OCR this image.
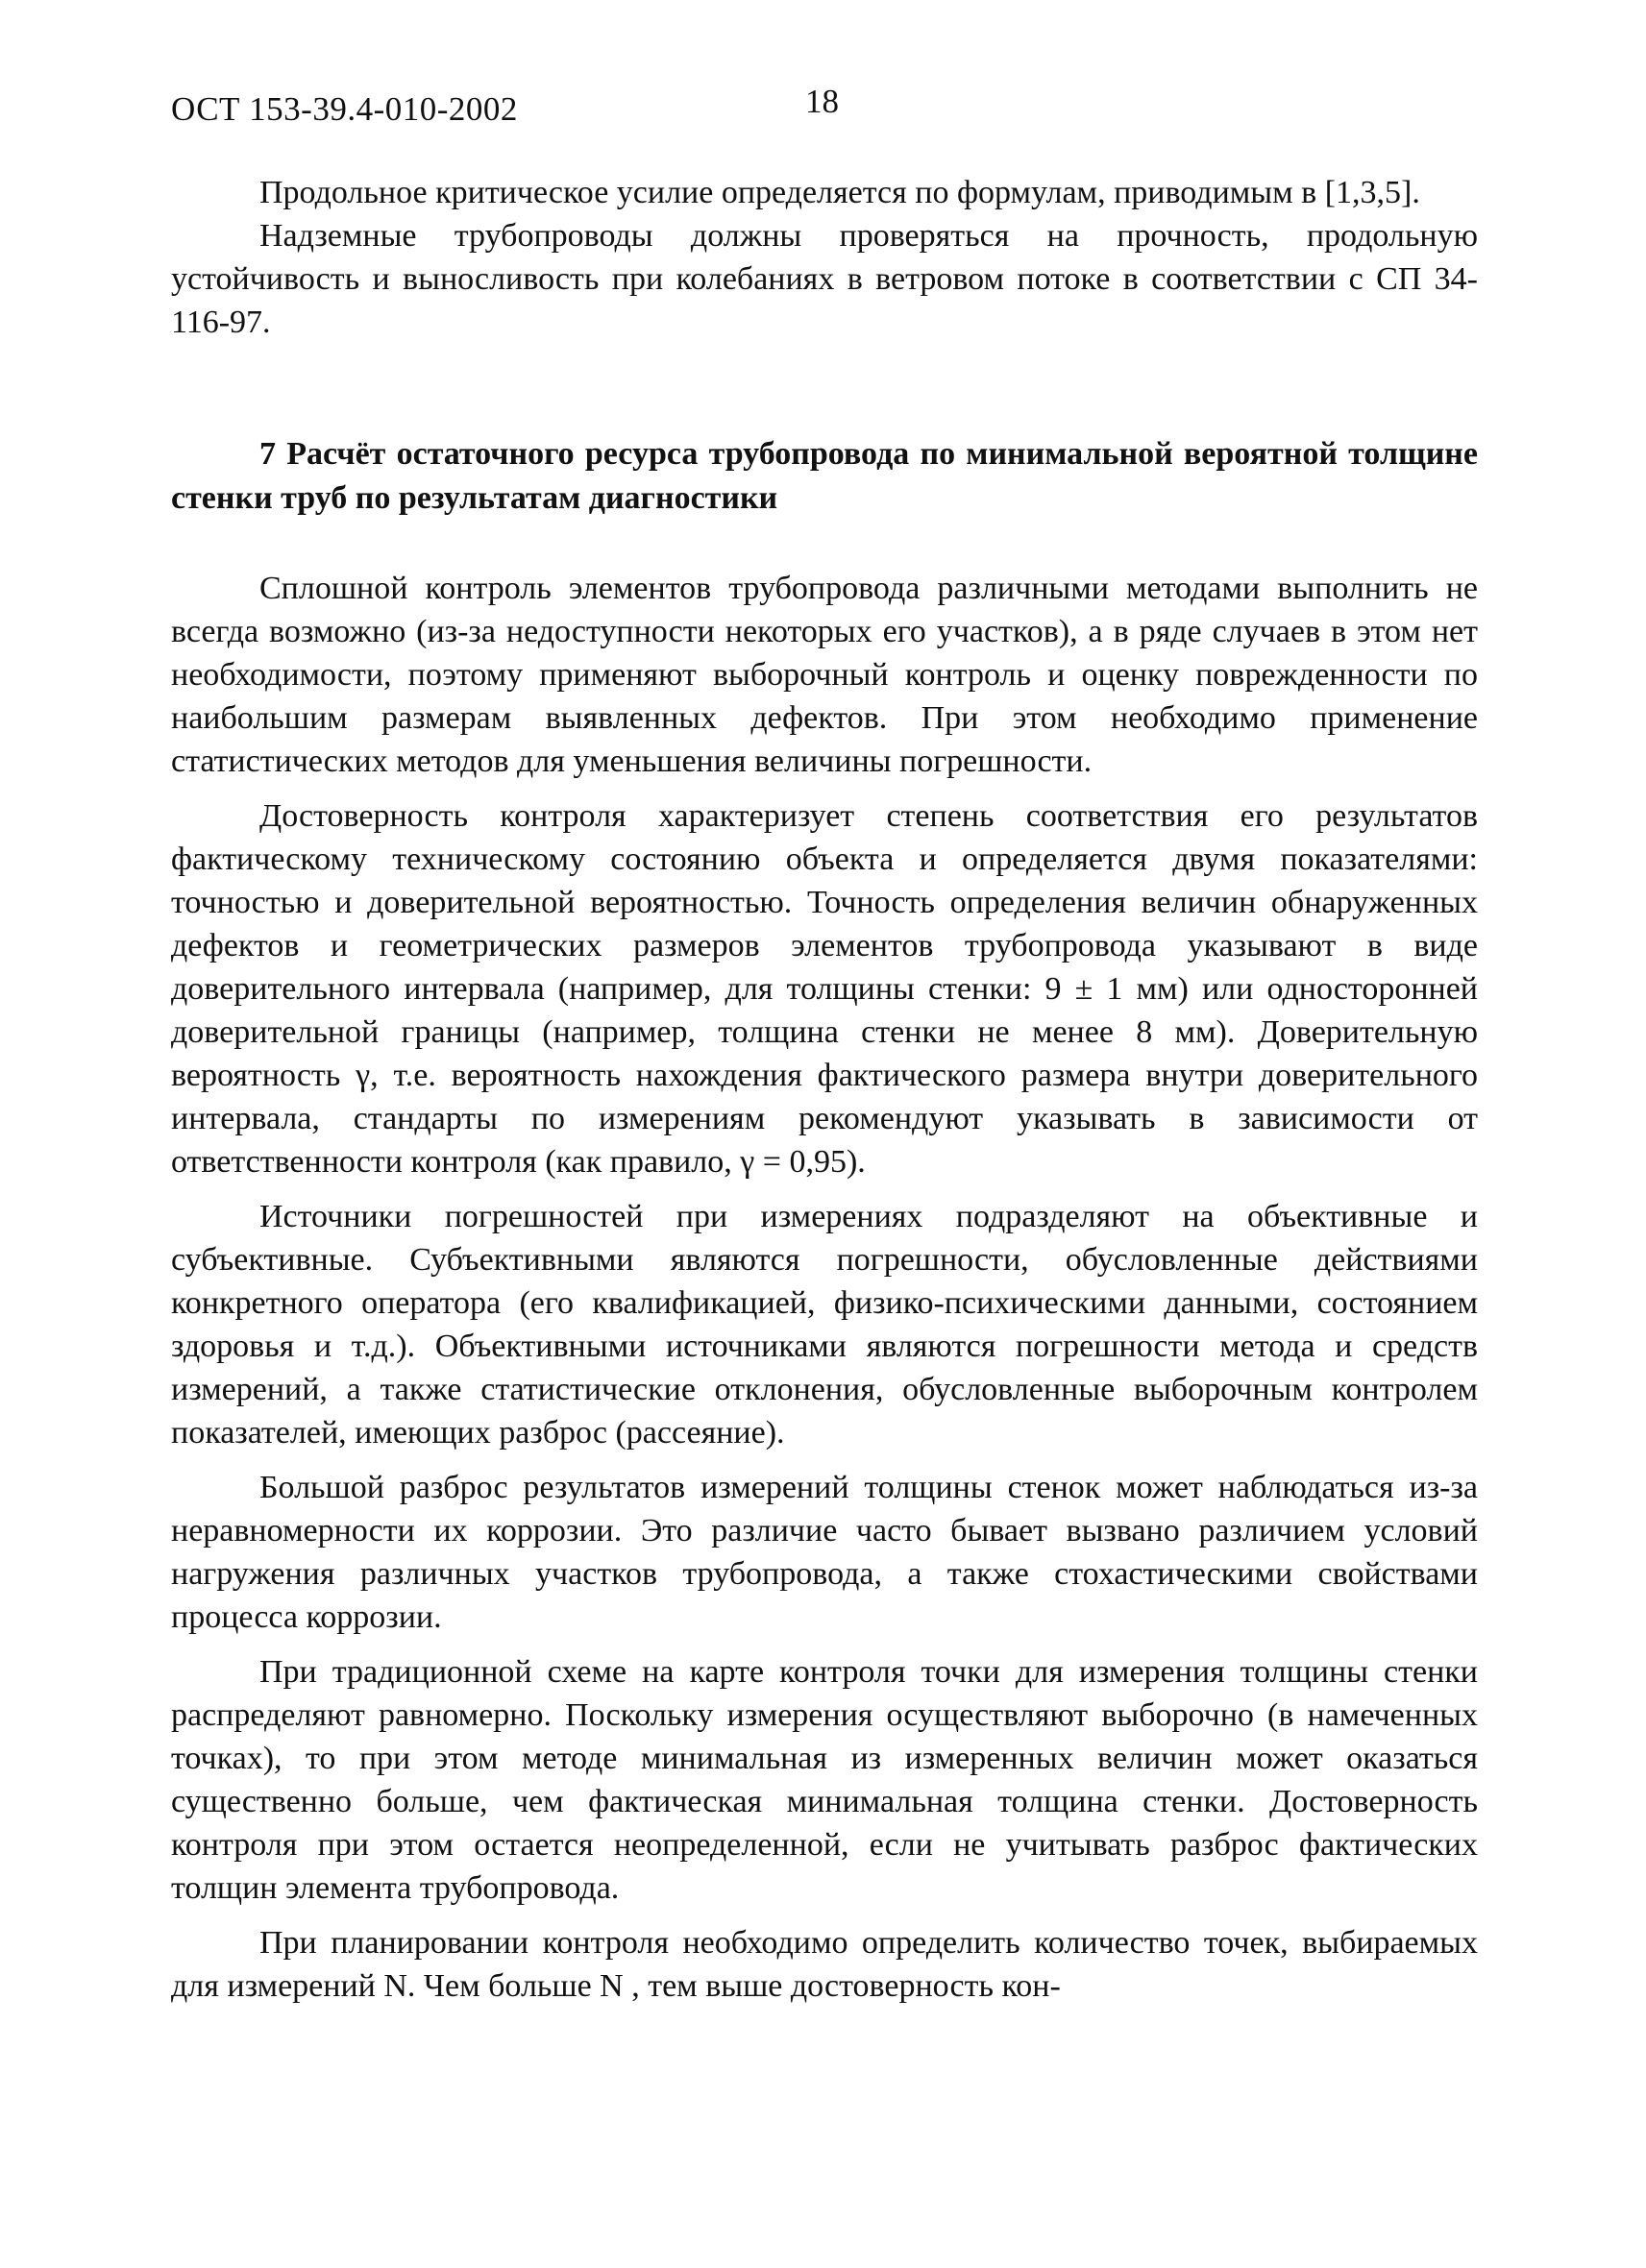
ОСТ 153-39.4-010-2002	18

Продольное критическое усилие определяется по формулам, приводимым в [1,3,5].

Надземные трубопроводы должны проверяться на прочность, продольную устойчивость и выносливость при колебаниях в ветровом потоке в соответствии с СП 34-116-97.

7 Расчёт остаточного ресурса трубопровода по минимальной вероятной толщине стенки труб по результатам диагностики

Сплошной контроль элементов трубопровода различными методами выполнить не всегда возможно (из-за недоступности некоторых его участков), а в ряде случаев в этом нет необходимости, поэтому применяют выборочный контроль и оценку поврежденности по наибольшим размерам выявленных дефектов. При этом необходимо применение статистических методов для уменьшения величины погрешности.

Достоверность контроля характеризует степень соответствия его результатов фактическому техническому состоянию объекта и определяется двумя показателями: точностью и доверительной вероятностью. Точность определения величин обнаруженных дефектов и геометрических размеров элементов трубопровода указывают в виде доверительного интервала (например, для толщины стенки: 9 ± 1 мм) или односторонней доверительной границы (например, толщина стенки не менее 8 мм). Доверительную вероятность γ, т.е. вероятность нахождения фактического размера внутри доверительного интервала, стандарты по измерениям рекомендуют указывать в зависимости от ответственности контроля (как правило, γ = 0,95).

Источники погрешностей при измерениях подразделяют на объективные и субъективные. Субъективными являются погрешности, обусловленные действиями конкретного оператора (его квалификацией, физико-психическими данными, состоянием здоровья и т.д.). Объективными источниками являются погрешности метода и средств измерений, а также статистические отклонения, обусловленные выборочным контролем показателей, имеющих разброс (рассеяние).

Большой разброс результатов измерений толщины стенок может наблюдаться из-за неравномерности их коррозии. Это различие часто бывает вызвано различием условий нагружения различных участков трубопровода, а также стохастическими свойствами процесса коррозии.

При традиционной схеме на карте контроля точки для измерения толщины стенки распределяют равномерно. Поскольку измерения осуществляют выборочно (в намеченных точках), то при этом методе минимальная из измеренных величин может оказаться существенно больше, чем фактическая минимальная толщина стенки. Достоверность контроля при этом остается неопределенной, если не учитывать разброс фактических толщин элемента трубопровода.

При планировании контроля необходимо определить количество точек, выбираемых для измерений N. Чем больше N , тем выше достоверность кон-
